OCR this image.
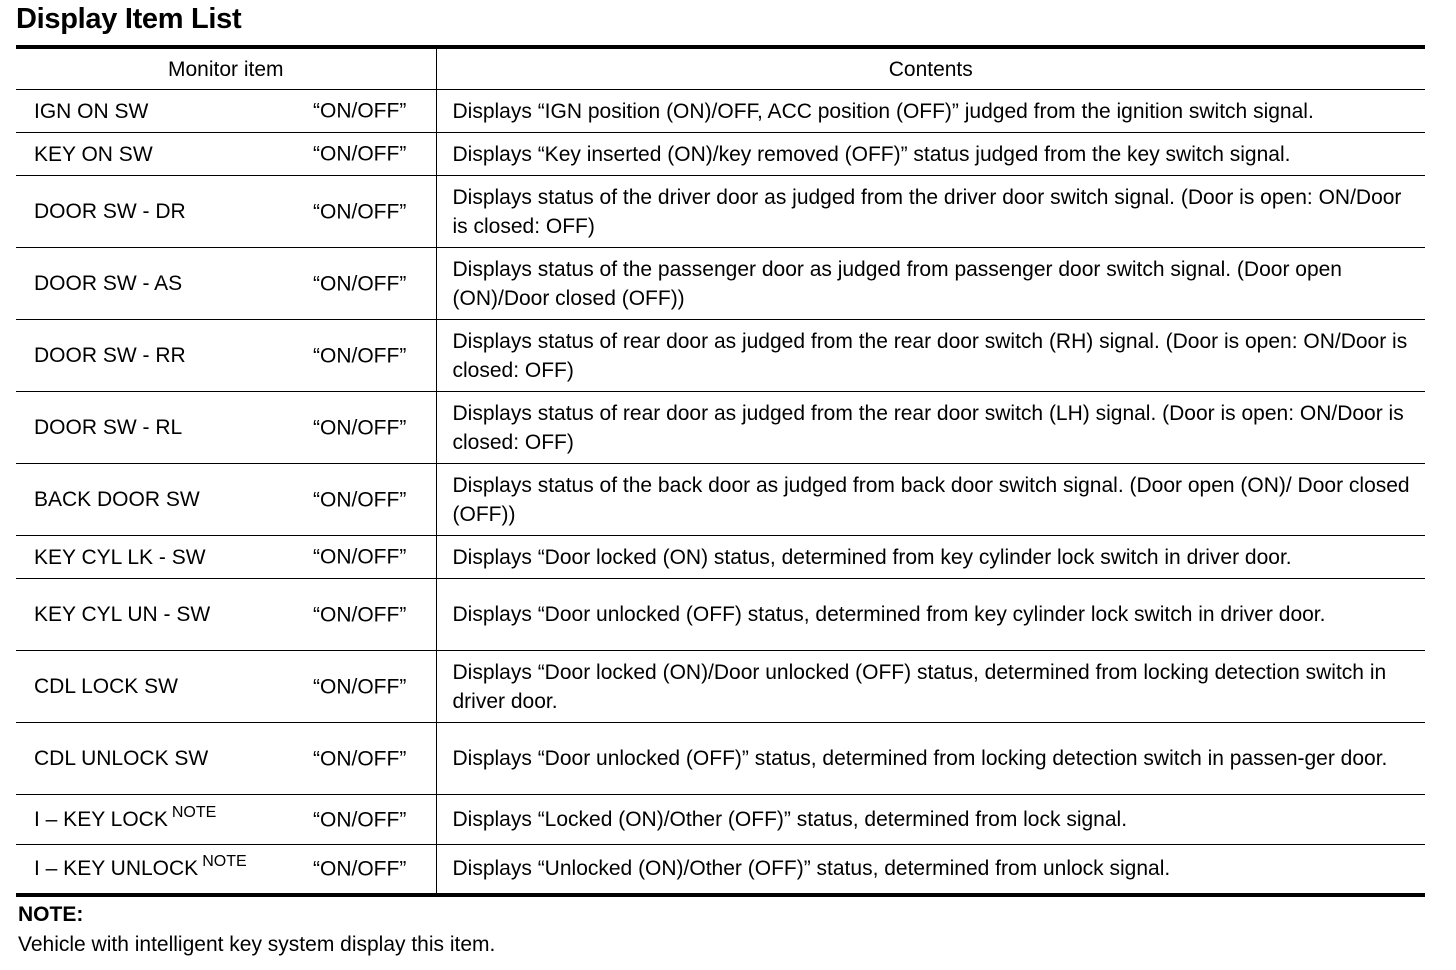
Display Item List
Monitor item	Contents
IGN ON SW “ON/OFF”	Displays “IGN position (ON)/OFF, ACC position (OFF)” judged from the ignition switch signal.
KEY ON SW “ON/OFF”	Displays “Key inserted (ON)/key removed (OFF)” status judged from the key switch signal.
DOOR SW - DR “ON/OFF”	Displays status of the driver door as judged from the driver door switch signal. (Door is open: ON/Door is closed: OFF)
DOOR SW - AS “ON/OFF”	Displays status of the passenger door as judged from passenger door switch signal. (Door open (ON)/Door closed (OFF))
DOOR SW - RR “ON/OFF”	Displays status of rear door as judged from the rear door switch (RH) signal. (Door is open: ON/Door is closed: OFF)
DOOR SW - RL “ON/OFF”	Displays status of rear door as judged from the rear door switch (LH) signal. (Door is open: ON/Door is closed: OFF)
BACK DOOR SW “ON/OFF”	Displays status of the back door as judged from back door switch signal. (Door open (ON)/ Door closed (OFF))
KEY CYL LK - SW “ON/OFF”	Displays “Door locked (ON) status, determined from key cylinder lock switch in driver door.
KEY CYL UN - SW “ON/OFF”	Displays “Door unlocked (OFF) status, determined from key cylinder lock switch in driver door.
CDL LOCK SW “ON/OFF”	Displays “Door locked (ON)/Door unlocked (OFF) status, determined from locking detection switch in driver door.
CDL UNLOCK SW “ON/OFF”	Displays “Door unlocked (OFF)” status, determined from locking detection switch in passen-ger door.
I – KEY LOCK $^{NOTE}$ “ON/OFF”	Displays “Locked (ON)/Other (OFF)” status, determined from lock signal.
I – KEY UNLOCK $^{NOTE}$ “ON/OFF”	Displays “Unlocked (ON)/Other (OFF)” status, determined from unlock signal.
NOTE:
Vehicle with intelligent key system display this item.
